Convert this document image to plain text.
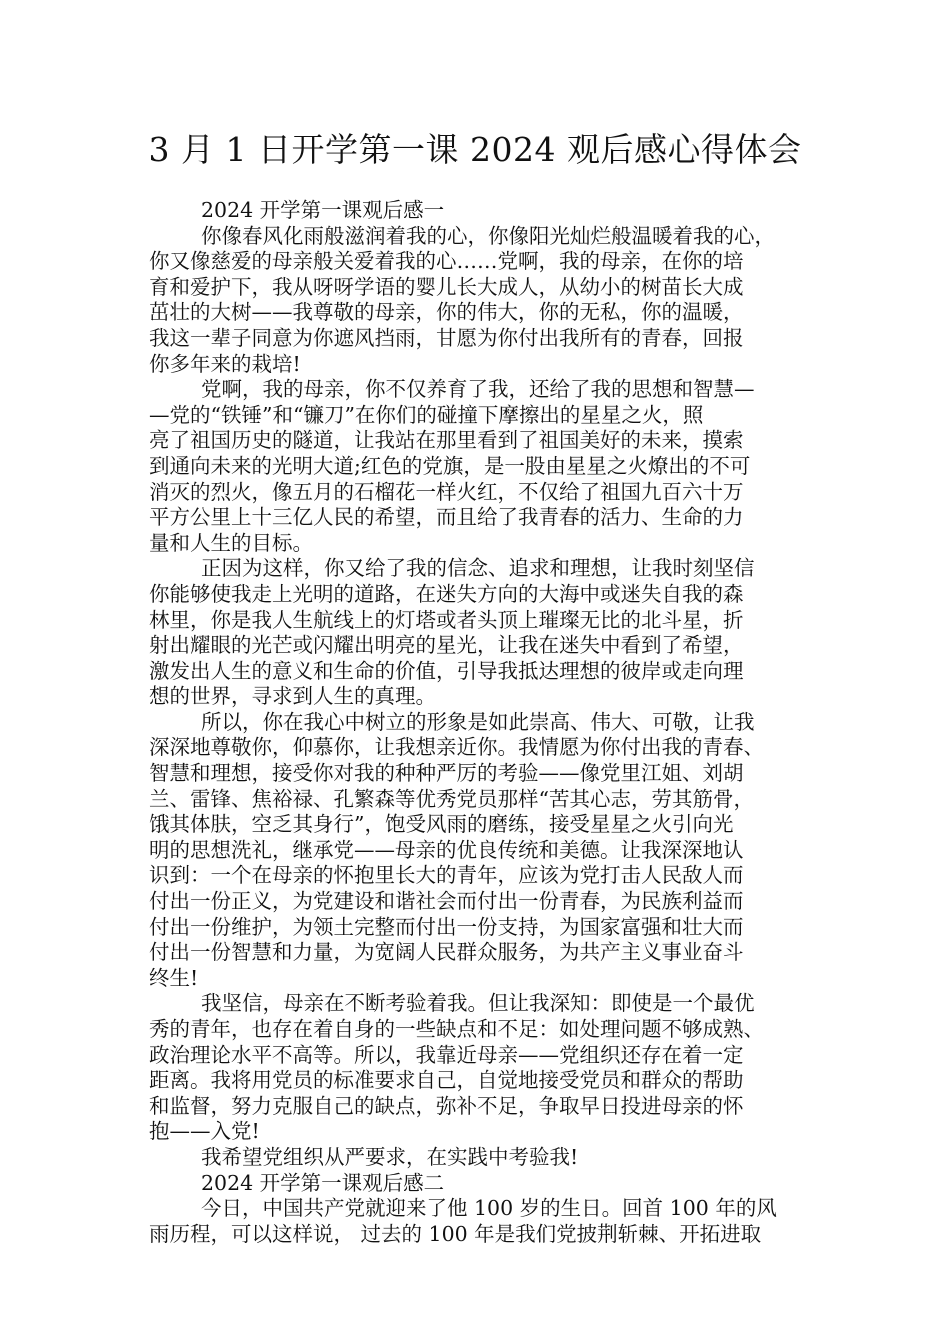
3 月 1 日开学第一课 2024 观后感心得体会
2024 开学第一课观后感一
你像春风化雨般滋润着我的心，你像阳光灿烂般温暖着我的心，
你又像慈爱的母亲般关爱着我的心……党啊，我的母亲，在你的培
育和爱护下，我从呀呀学语的婴儿长大成人，从幼小的树苗长大成
茁壮的大树——我尊敬的母亲，你的伟大，你的无私，你的温暖，
我这一辈子同意为你遮风挡雨，甘愿为你付出我所有的青春，回报
你多年来的栽培!
党啊，我的母亲，你不仅养育了我，还给了我的思想和智慧—
—党的“铁锤”和“镰刀”在你们的碰撞下摩擦出的星星之火，照
亮了祖国历史的隧道，让我站在那里看到了祖国美好的未来，摸索
到通向未来的光明大道;红色的党旗，是一股由星星之火燎出的不可
消灭的烈火，像五月的石榴花一样火红，不仅给了祖国九百六十万
平方公里上十三亿人民的希望，而且给了我青春的活力、生命的力
量和人生的目标。
正因为这样，你又给了我的信念、追求和理想，让我时刻坚信
你能够使我走上光明的道路，在迷失方向的大海中或迷失自我的森
林里，你是我人生航线上的灯塔或者头顶上璀璨无比的北斗星，折
射出耀眼的光芒或闪耀出明亮的星光，让我在迷失中看到了希望，
激发出人生的意义和生命的价值，引导我抵达理想的彼岸或走向理
想的世界，寻求到人生的真理。
所以，你在我心中树立的形象是如此崇高、伟大、可敬，让我
深深地尊敬你，仰慕你，让我想亲近你。我情愿为你付出我的青春、
智慧和理想，接受你对我的种种严厉的考验——像党里江姐、刘胡
兰、雷锋、焦裕禄、孔繁森等优秀党员那样“苦其心志，劳其筋骨，
饿其体肤，空乏其身行”，饱受风雨的磨练，接受星星之火引向光
明的思想洗礼，继承党——母亲的优良传统和美德。让我深深地认
识到：一个在母亲的怀抱里长大的青年，应该为党打击人民敌人而
付出一份正义，为党建设和谐社会而付出一份青春，为民族利益而
付出一份维护，为领土完整而付出一份支持，为国家富强和壮大而
付出一份智慧和力量，为宽阔人民群众服务，为共产主义事业奋斗
终生!
我坚信，母亲在不断考验着我。但让我深知：即使是一个最优
秀的青年，也存在着自身的一些缺点和不足：如处理问题不够成熟、
政治理论水平不高等。所以，我靠近母亲——党组织还存在着一定
距离。我将用党员的标准要求自己，自觉地接受党员和群众的帮助
和监督，努力克服自己的缺点，弥补不足，争取早日投进母亲的怀
抱——入党!
我希望党组织从严要求，在实践中考验我!
2024 开学第一课观后感二
今日，中国共产党就迎来了他 100 岁的生日。回首 100 年的风
雨历程，可以这样说， 过去的 100 年是我们党披荆斩棘、开拓进取
